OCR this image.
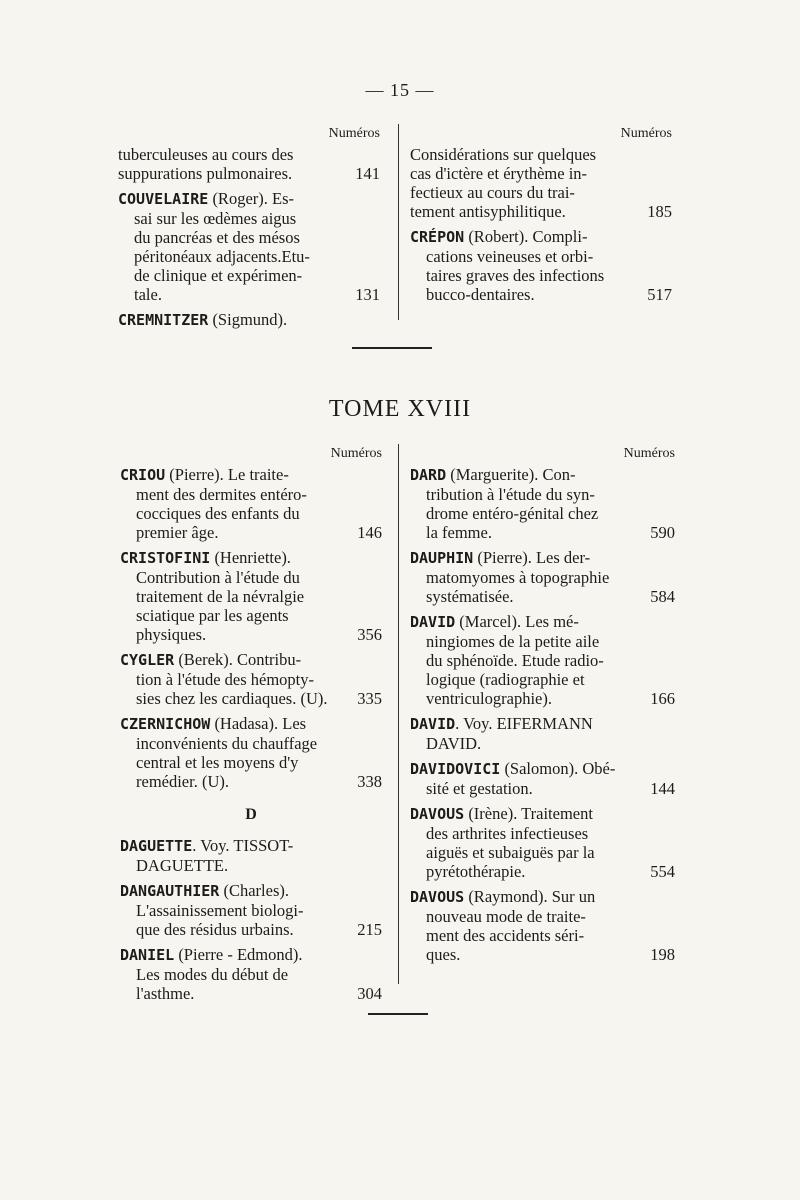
— 15 —
Numéros
tuberculeuses au cours des
141
suppurations pulmonaires.
COUVELAIRE (Roger). Es-
sai sur les œdèmes aigus
du pancréas et des mésos
péritonéaux adjacents.Etu-
de clinique et expérimen-
131
tale.
CREMNITZER (Sigmund).
Numéros
Considérations sur quelques
cas d'ictère et érythème in-
fectieux au cours du trai-
185
tement antisyphilitique.
CRÉPON (Robert). Compli-
cations veineuses et orbi-
taires graves des infections
517
bucco-dentaires.
TOME XVIII
Numéros
CRIOU (Pierre). Le traite-
ment des dermites entéro-
cocciques des enfants du
146
premier âge.
CRISTOFINI (Henriette).
Contribution à l'étude du
traitement de la névralgie
sciatique par les agents
356
physiques.
CYGLER (Berek). Contribu-
tion à l'étude des hémopty-
335
sies chez les cardiaques. (U).
CZERNICHOW (Hadasa). Les
inconvénients du chauffage
central et les moyens d'y
338
remédier. (U).
D
DAGUETTE. Voy. TISSOT-
DAGUETTE.
DANGAUTHIER (Charles).
L'assainissement biologi-
215
que des résidus urbains.
DANIEL (Pierre - Edmond).
Les modes du début de
304
l'asthme.
Numéros
DARD (Marguerite). Con-
tribution à l'étude du syn-
drome entéro-génital chez
590
la femme.
DAUPHIN (Pierre). Les der-
matomyomes à topographie
584
systématisée.
DAVID (Marcel). Les mé-
ningiomes de la petite aile
du sphénoïde. Etude radio-
logique (radiographie et
166
ventriculographie).
DAVID. Voy. EIFERMANN
DAVID.
DAVIDOVICI (Salomon). Obé-
144
sité et gestation.
DAVOUS (Irène). Traitement
des arthrites infectieuses
aiguës et subaiguës par la
554
pyrétothérapie.
DAVOUS (Raymond). Sur un
nouveau mode de traite-
ment des accidents séri-
198
ques.
